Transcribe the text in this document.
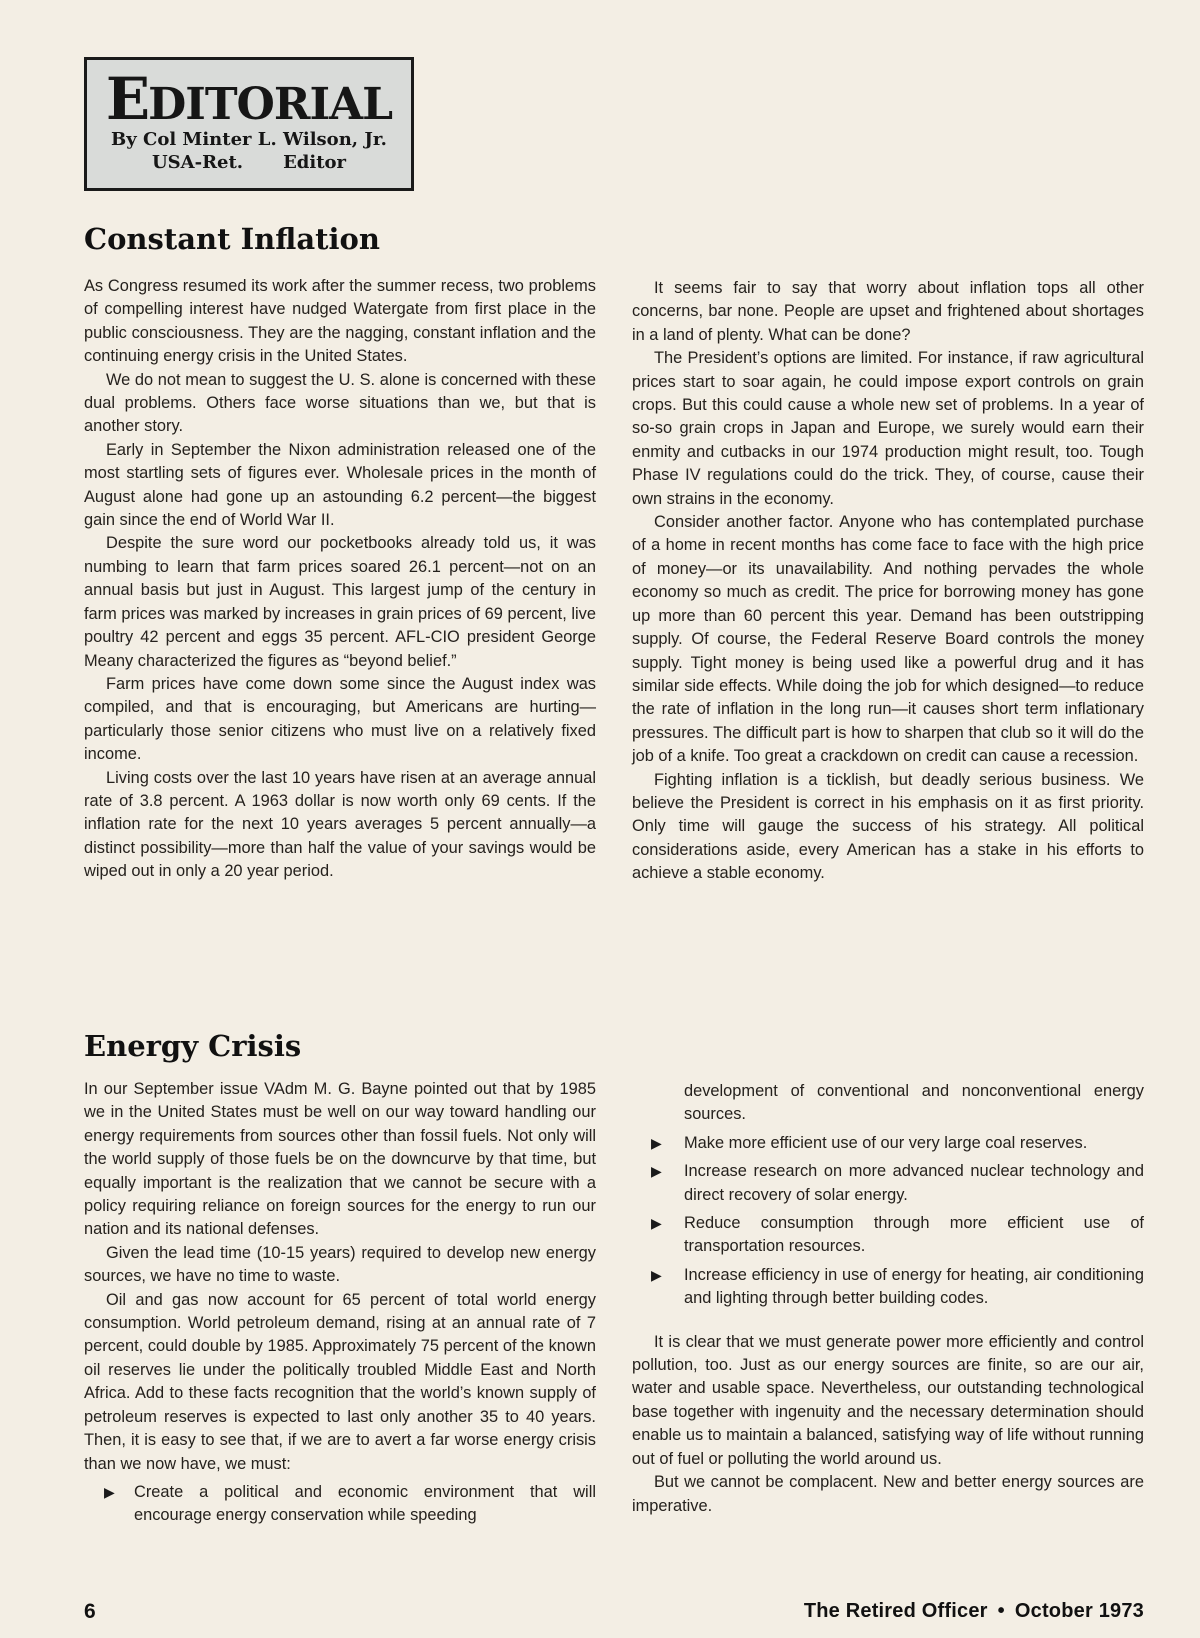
EDITORIAL
By Col Minter L. Wilson, Jr.
USA-Ret. Editor
Constant Inflation

As Congress resumed its work after the summer recess, two problems of compelling interest have nudged Watergate from first place in the public consciousness. They are the nagging, constant inflation and the continuing energy crisis in the United States.

We do not mean to suggest the U. S. alone is concerned with these dual problems. Others face worse situations than we, but that is another story.

Early in September the Nixon administration released one of the most startling sets of figures ever. Wholesale prices in the month of August alone had gone up an astounding 6.2 percent—the biggest gain since the end of World War II.

Despite the sure word our pocketbooks already told us, it was numbing to learn that farm prices soared 26.1 percent—not on an annual basis but just in August. This largest jump of the century in farm prices was marked by increases in grain prices of 69 percent, live poultry 42 percent and eggs 35 percent. AFL-CIO president George Meany characterized the figures as “beyond belief.”

Farm prices have come down some since the August index was compiled, and that is encouraging, but Americans are hurting—particularly those senior citizens who must live on a relatively fixed income.

Living costs over the last 10 years have risen at an average annual rate of 3.8 percent. A 1963 dollar is now worth only 69 cents. If the inflation rate for the next 10 years averages 5 percent annually—a distinct possibility—more than half the value of your savings would be wiped out in only a 20 year period.

It seems fair to say that worry about inflation tops all other concerns, bar none. People are upset and frightened about shortages in a land of plenty. What can be done?

The President’s options are limited. For instance, if raw agricultural prices start to soar again, he could impose export controls on grain crops. But this could cause a whole new set of problems. In a year of so-so grain crops in Japan and Europe, we surely would earn their enmity and cutbacks in our 1974 production might result, too. Tough Phase IV regulations could do the trick. They, of course, cause their own strains in the economy.

Consider another factor. Anyone who has contemplated purchase of a home in recent months has come face to face with the high price of money—or its unavailability. And nothing pervades the whole economy so much as credit. The price for borrowing money has gone up more than 60 percent this year. Demand has been outstripping supply. Of course, the Federal Reserve Board controls the money supply. Tight money is being used like a powerful drug and it has similar side effects. While doing the job for which designed—to reduce the rate of inflation in the long run—it causes short term inflationary pressures. The difficult part is how to sharpen that club so it will do the job of a knife. Too great a crackdown on credit can cause a recession.

Fighting inflation is a ticklish, but deadly serious business. We believe the President is correct in his emphasis on it as first priority. Only time will gauge the success of his strategy. All political considerations aside, every American has a stake in his efforts to achieve a stable economy.

Energy Crisis

In our September issue VAdm M. G. Bayne pointed out that by 1985 we in the United States must be well on our way toward handling our energy requirements from sources other than fossil fuels. Not only will the world supply of those fuels be on the downcurve by that time, but equally important is the realization that we cannot be secure with a policy requiring reliance on foreign sources for the energy to run our nation and its national defenses.

Given the lead time (10-15 years) required to develop new energy sources, we have no time to waste.

Oil and gas now account for 65 percent of total world energy consumption. World petroleum demand, rising at an annual rate of 7 percent, could double by 1985. Approximately 75 percent of the known oil reserves lie under the politically troubled Middle East and North Africa. Add to these facts recognition that the world’s known supply of petroleum reserves is expected to last only another 35 to 40 years. Then, it is easy to see that, if we are to avert a far worse energy crisis than we now have, we must:

▶ Create a political and economic environment that will encourage energy conservation while speeding

development of conventional and nonconventional energy sources.

▶ Make more efficient use of our very large coal reserves.
▶ Increase research on more advanced nuclear technology and direct recovery of solar energy.
▶ Reduce consumption through more efficient use of transportation resources.
▶ Increase efficiency in use of energy for heating, air conditioning and lighting through better building codes.

It is clear that we must generate power more efficiently and control pollution, too. Just as our energy sources are finite, so are our air, water and usable space. Nevertheless, our outstanding technological base together with ingenuity and the necessary determination should enable us to maintain a balanced, satisfying way of life without running out of fuel or polluting the world around us.

But we cannot be complacent. New and better energy sources are imperative.

6	The Retired Officer • October 1973
